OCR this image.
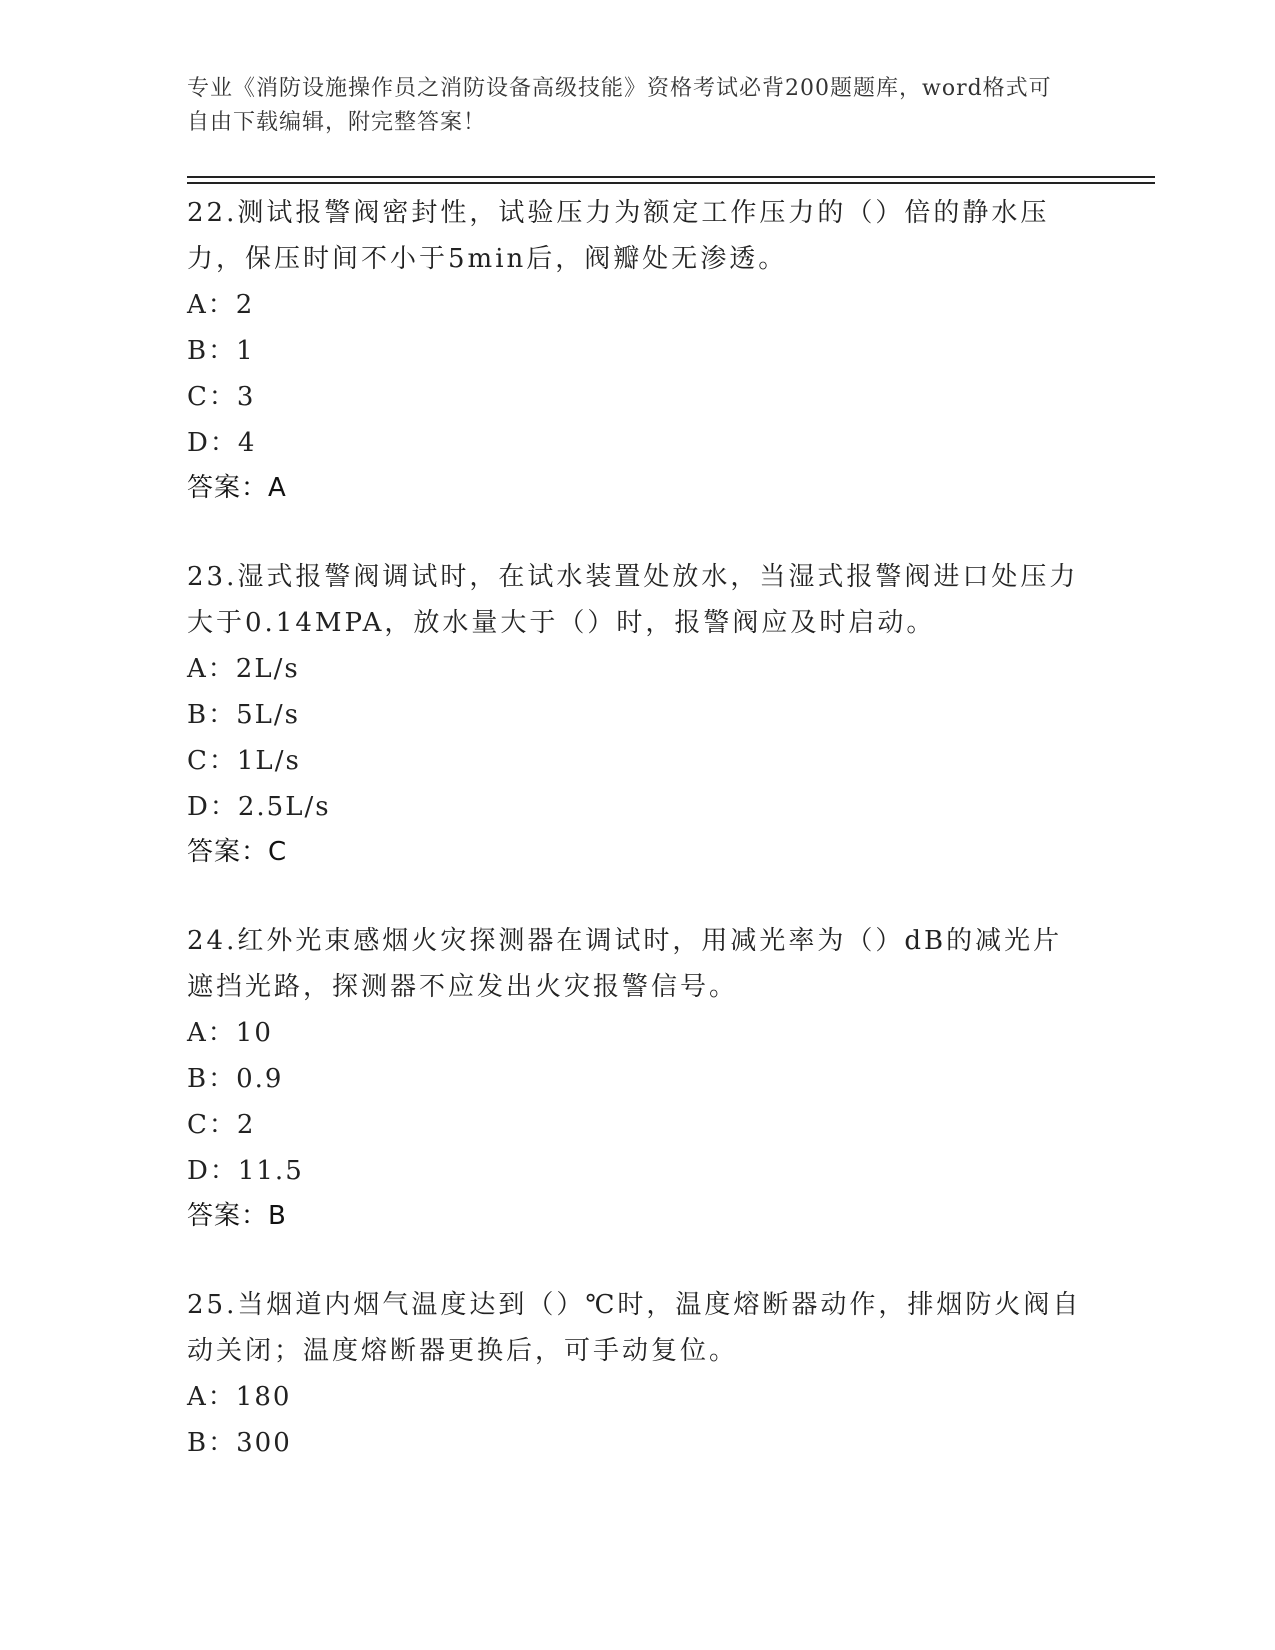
专业《消防设施操作员之消防设备高级技能》资格考试必背200题题库，word格式可自由下载编辑，附完整答案！

22.测试报警阀密封性，试验压力为额定工作压力的（）倍的静水压力，保压时间不小于5min后，阀瓣处无渗透。

A：2

B：1

C：3

D：4

答案：A

23.湿式报警阀调试时，在试水装置处放水，当湿式报警阀进口处压力大于0.14MPA，放水量大于（）时，报警阀应及时启动。

A：2L/s

B：5L/s

C：1L/s

D：2.5L/s

答案：C

24.红外光束感烟火灾探测器在调试时，用减光率为（）dB的减光片遮挡光路，探测器不应发出火灾报警信号。

A：10

B：0.9

C：2

D：11.5

答案：B

25.当烟道内烟气温度达到（）℃时，温度熔断器动作，排烟防火阀自动关闭；温度熔断器更换后，可手动复位。

A：180

B：300
